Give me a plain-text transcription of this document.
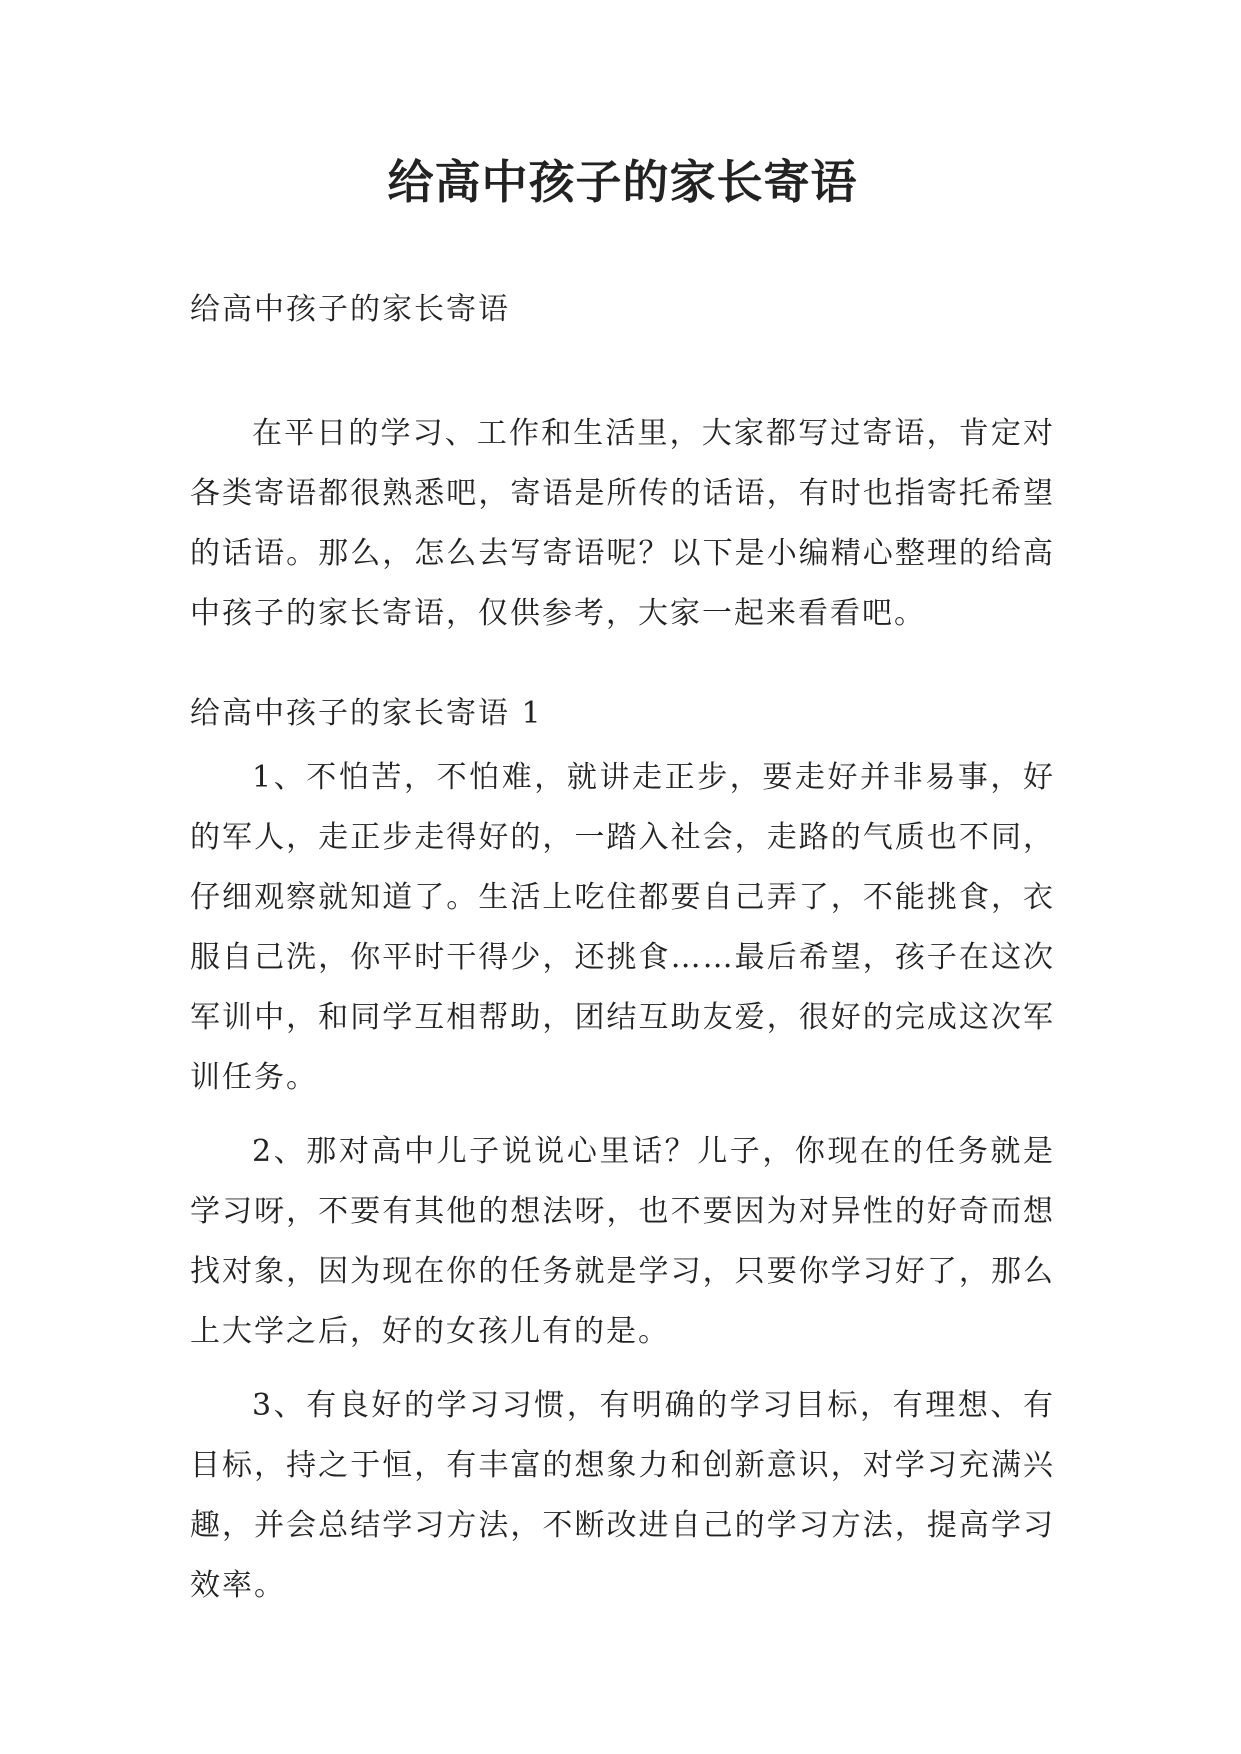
给高中孩子的家长寄语

给高中孩子的家长寄语

在平日的学习、工作和生活里，大家都写过寄语，肯定对各类寄语都很熟悉吧，寄语是所传的话语，有时也指寄托希望的话语。那么，怎么去写寄语呢？以下是小编精心整理的给高中孩子的家长寄语，仅供参考，大家一起来看看吧。

给高中孩子的家长寄语 1

1、不怕苦，不怕难，就讲走正步，要走好并非易事，好的军人，走正步走得好的，一踏入社会，走路的气质也不同，仔细观察就知道了。生活上吃住都要自己弄了，不能挑食，衣服自己洗，你平时干得少，还挑食……最后希望，孩子在这次军训中，和同学互相帮助，团结互助友爱，很好的完成这次军训任务。

2、那对高中儿子说说心里话？儿子，你现在的任务就是学习呀，不要有其他的想法呀，也不要因为对异性的好奇而想找对象，因为现在你的任务就是学习，只要你学习好了，那么上大学之后，好的女孩儿有的是。

3、有良好的学习习惯，有明确的学习目标，有理想、有目标，持之于恒，有丰富的想象力和创新意识，对学习充满兴趣，并会总结学习方法，不断改进自己的学习方法，提高学习效率。
